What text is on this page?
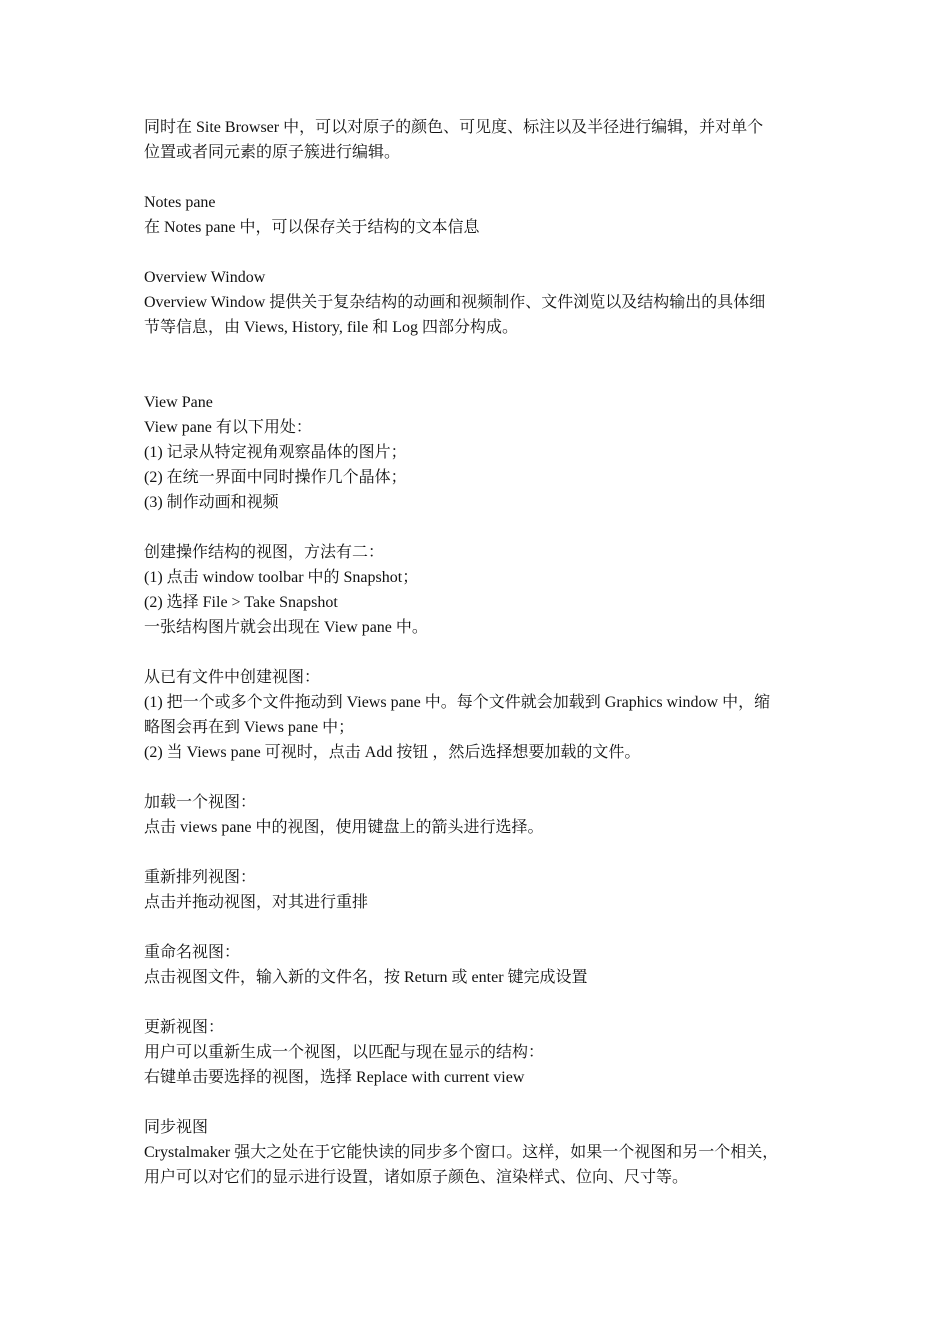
同时在 Site Browser 中，可以对原子的颜色、可见度、标注以及半径进行编辑，并对单个
位置或者同元素的原子簇进行编辑。
Notes pane
在 Notes pane 中，可以保存关于结构的文本信息
Overview Window
Overview Window 提供关于复杂结构的动画和视频制作、文件浏览以及结构输出的具体细
节等信息，由 Views, History, file 和 Log 四部分构成。
View Pane
View pane 有以下用处：
(1) 记录从特定视角观察晶体的图片；
(2) 在统一界面中同时操作几个晶体；
(3) 制作动画和视频
创建操作结构的视图，方法有二：
(1) 点击 window toolbar 中的 Snapshot；
(2) 选择 File > Take Snapshot
一张结构图片就会出现在 View pane 中。
从已有文件中创建视图：
(1) 把一个或多个文件拖动到 Views pane 中。每个文件就会加载到 Graphics window 中，缩
略图会再在到 Views pane 中；
(2) 当 Views pane 可视时，点击 Add 按钮 ，然后选择想要加载的文件。
加载一个视图：
点击 views pane 中的视图，使用键盘上的箭头进行选择。
重新排列视图：
点击并拖动视图，对其进行重排
重命名视图：
点击视图文件，输入新的文件名，按 Return 或 enter 键完成设置
更新视图：
用户可以重新生成一个视图，以匹配与现在显示的结构：
右键单击要选择的视图，选择 Replace with current view
同步视图
Crystalmaker 强大之处在于它能快读的同步多个窗口。这样，如果一个视图和另一个相关，
用户可以对它们的显示进行设置，诸如原子颜色、渲染样式、位向、尺寸等。
